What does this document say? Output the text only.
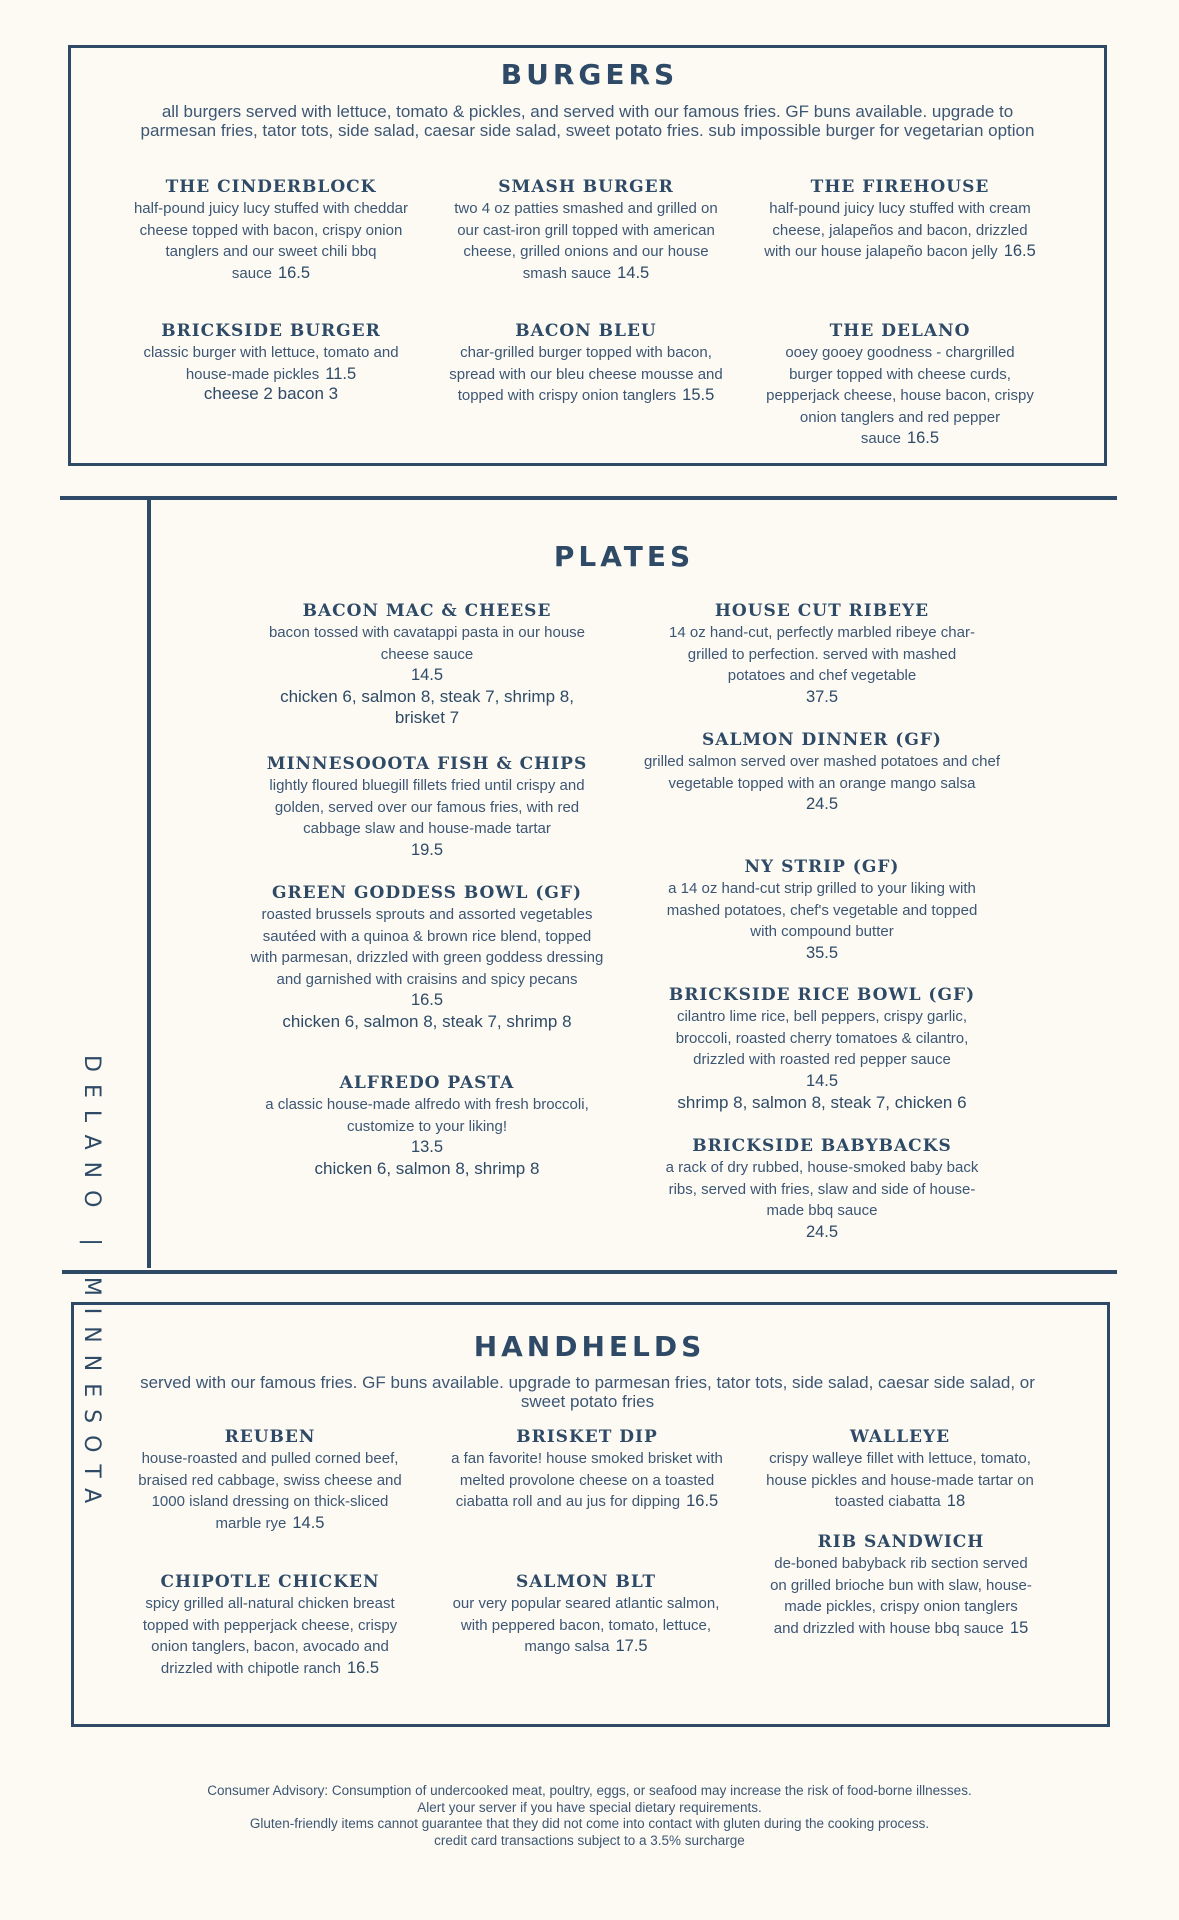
BURGERS
all burgers served with lettuce, tomato & pickles, and served with our famous fries. GF buns available. upgrade to parmesan fries, tator tots, side salad, caesar side salad, sweet potato fries. sub impossible burger for vegetarian option
THE CINDERBLOCK
half-pound juicy lucy stuffed with cheddar cheese topped with bacon, crispy onion tanglers and our sweet chili bbq sauce 16.5
SMASH BURGER
two 4 oz patties smashed and grilled on our cast-iron grill topped with american cheese, grilled onions and our house smash sauce 14.5
THE FIREHOUSE
half-pound juicy lucy stuffed with cream cheese, jalapeños and bacon, drizzled with our house jalapeño bacon jelly 16.5
BRICKSIDE BURGER
classic burger with lettuce, tomato and house-made pickles 11.5
cheese 2 bacon 3
BACON BLEU
char-grilled burger topped with bacon, spread with our bleu cheese mousse and topped with crispy onion tanglers 15.5
THE DELANO
ooey gooey goodness - chargrilled burger topped with cheese curds, pepperjack cheese, house bacon, crispy onion tanglers and red pepper sauce 16.5
DELANO | MINNESOTA
PLATES
BACON MAC & CHEESE
bacon tossed with cavatappi pasta in our house cheese sauce
14.5
chicken 6, salmon 8, steak 7, shrimp 8, brisket 7
MINNESOOOTA FISH & CHIPS
lightly floured bluegill fillets fried until crispy and golden, served over our famous fries, with red cabbage slaw and house-made tartar
19.5
GREEN GODDESS BOWL (GF)
roasted brussels sprouts and assorted vegetables sautéed with a quinoa & brown rice blend, topped with parmesan, drizzled with green goddess dressing and garnished with craisins and spicy pecans
16.5
chicken 6, salmon 8, steak 7, shrimp 8
ALFREDO PASTA
a classic house-made alfredo with fresh broccoli, customize to your liking!
13.5
chicken 6, salmon 8, shrimp 8
HOUSE CUT RIBEYE
14 oz hand-cut, perfectly marbled ribeye char-grilled to perfection. served with mashed potatoes and chef vegetable
37.5
SALMON DINNER (GF)
grilled salmon served over mashed potatoes and chef vegetable topped with an orange mango salsa
24.5
NY STRIP (GF)
a 14 oz hand-cut strip grilled to your liking with mashed potatoes, chef's vegetable and topped with compound butter
35.5
BRICKSIDE RICE BOWL (GF)
cilantro lime rice, bell peppers, crispy garlic, broccoli, roasted cherry tomatoes & cilantro, drizzled with roasted red pepper sauce
14.5
shrimp 8, salmon 8, steak 7, chicken 6
BRICKSIDE BABYBACKS
a rack of dry rubbed, house-smoked baby back ribs, served with fries, slaw and side of house-made bbq sauce
24.5
HANDHELDS
served with our famous fries. GF buns available. upgrade to parmesan fries, tator tots, side salad, caesar side salad, or sweet potato fries
REUBEN
house-roasted and pulled corned beef, braised red cabbage, swiss cheese and 1000 island dressing on thick-sliced marble rye 14.5
BRISKET DIP
a fan favorite! house smoked brisket with melted provolone cheese on a toasted ciabatta roll and au jus for dipping 16.5
WALLEYE
crispy walleye fillet with lettuce, tomato, house pickles and house-made tartar on toasted ciabatta 18
CHIPOTLE CHICKEN
spicy grilled all-natural chicken breast topped with pepperjack cheese, crispy onion tanglers, bacon, avocado and drizzled with chipotle ranch 16.5
SALMON BLT
our very popular seared atlantic salmon, with peppered bacon, tomato, lettuce, mango salsa 17.5
RIB SANDWICH
de-boned babyback rib section served on grilled brioche bun with slaw, house-made pickles, crispy onion tanglers and drizzled with house bbq sauce 15
Consumer Advisory: Consumption of undercooked meat, poultry, eggs, or seafood may increase the risk of food-borne illnesses.
Alert your server if you have special dietary requirements.
Gluten-friendly items cannot guarantee that they did not come into contact with gluten during the cooking process.
credit card transactions subject to a 3.5% surcharge
